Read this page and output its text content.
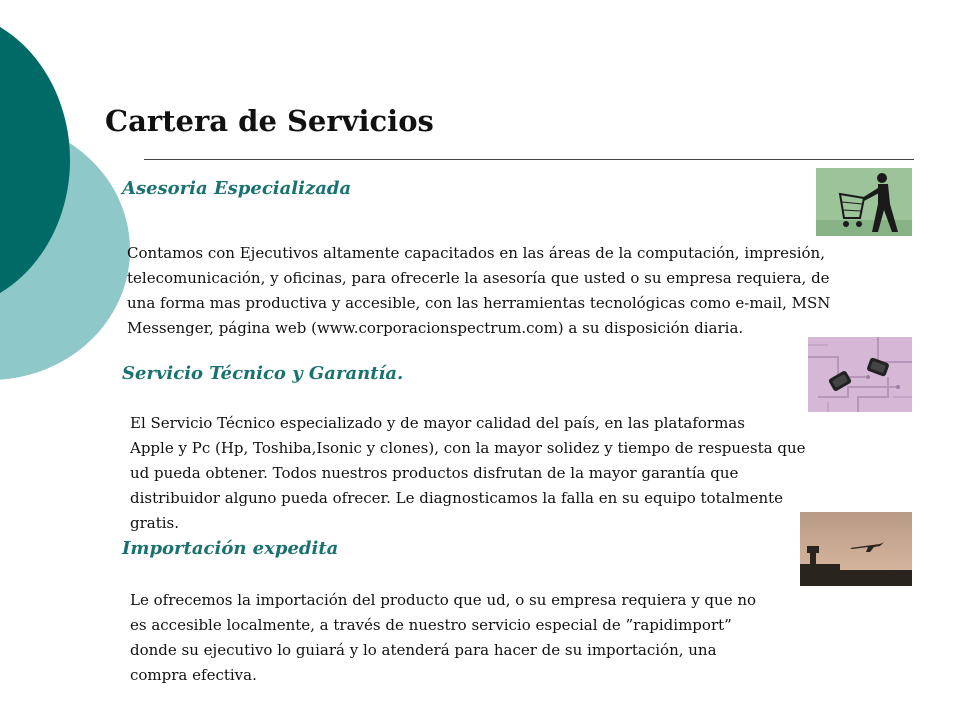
Cartera de Servicios
Asesoria Especializada
Contamos con Ejecutivos altamente capacitados en las áreas de la computación, impresión,
telecomunicación, y oficinas, para ofrecerle la asesoría que usted o su empresa requiera, de
una forma mas productiva y accesible, con las herramientas tecnológicas como e-mail, MSN
Messenger, página web (www.corporacionspectrum.com) a su disposición diaria.
Servicio Técnico y Garantía.
El Servicio Técnico especializado y de mayor calidad del país, en las plataformas
Apple y Pc (Hp, Toshiba,Isonic y clones), con la mayor solidez y tiempo de respuesta que
ud pueda obtener. Todos nuestros productos disfrutan de la mayor garantía que
distribuidor alguno pueda ofrecer. Le diagnosticamos la falla en su equipo totalmente
gratis.
Importación expedita
Le ofrecemos la importación del producto que ud, o su empresa requiera y que no
es accesible localmente, a través de nuestro servicio especial de ”rapidimport”
donde su ejecutivo lo guiará y lo atenderá para hacer de su importación, una
compra efectiva.
